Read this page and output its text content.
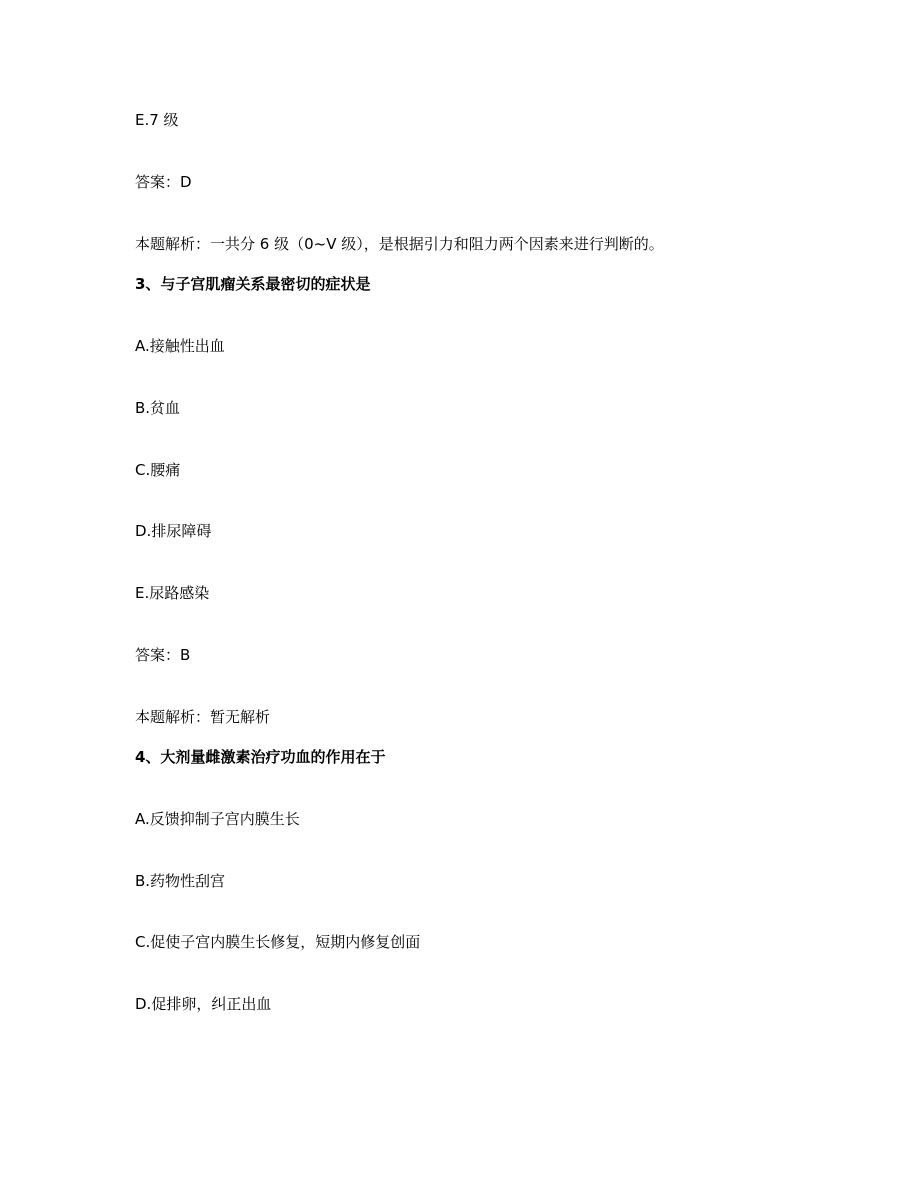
E.7 级
答案：D
本题解析：一共分 6 级（0~V 级），是根据引力和阻力两个因素来进行判断的。
3、与子宫肌瘤关系最密切的症状是
A.接触性出血
B.贫血
C.腰痛
D.排尿障碍
E.尿路感染
答案：B
本题解析：暂无解析
4、大剂量雌激素治疗功血的作用在于
A.反馈抑制子宫内膜生长
B.药物性刮宫
C.促使子宫内膜生长修复，短期内修复创面
D.促排卵，纠正出血
